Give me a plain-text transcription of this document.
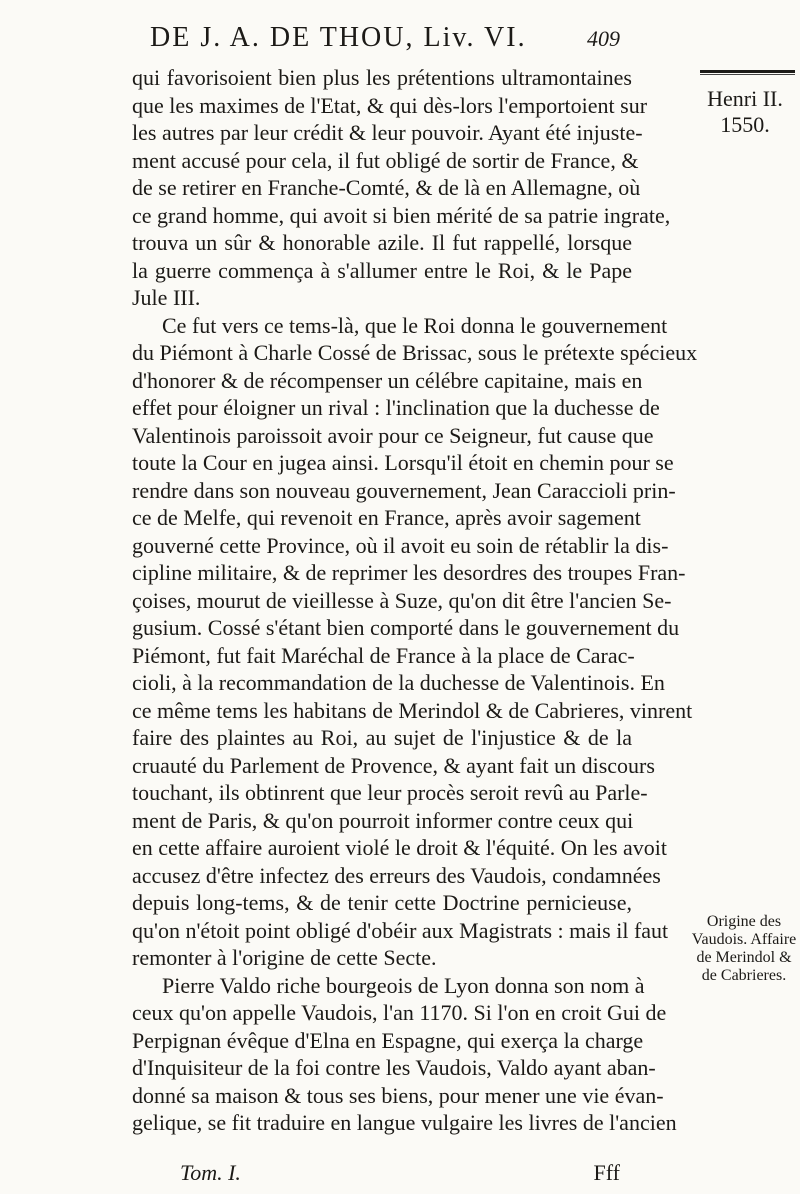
DE J. A. DE THOU, Liv. VI.	409
Henri II.
1550.
qui favorisoient bien plus les prétentions ultramontaines
que les maximes de l'Etat, & qui dès-lors l'emportoient sur
les autres par leur crédit & leur pouvoir. Ayant été injuste-
ment accusé pour cela, il fut obligé de sortir de France, &
de se retirer en Franche-Comté, & de là en Allemagne, où
ce grand homme, qui avoit si bien mérité de sa patrie ingrate,
trouva un sûr & honorable azile. Il fut rappellé, lorsque
la guerre commença à s'allumer entre le Roi, & le Pape
Jule III.
Ce fut vers ce tems-là, que le Roi donna le gouvernement
du Piémont à Charle Cossé de Brissac, sous le prétexte spécieux
d'honorer & de récompenser un célébre capitaine, mais en
effet pour éloigner un rival : l'inclination que la duchesse de
Valentinois paroissoit avoir pour ce Seigneur, fut cause que
toute la Cour en jugea ainsi. Lorsqu'il étoit en chemin pour se
rendre dans son nouveau gouvernement, Jean Caraccioli prin-
ce de Melfe, qui revenoit en France, après avoir sagement
gouverné cette Province, où il avoit eu soin de rétablir la dis-
cipline militaire, & de reprimer les desordres des troupes Fran-
çoises, mourut de vieillesse à Suze, qu'on dit être l'ancien Se-
gusium. Cossé s'étant bien comporté dans le gouvernement du
Piémont, fut fait Maréchal de France à la place de Carac-
cioli, à la recommandation de la duchesse de Valentinois. En
ce même tems les habitans de Merindol & de Cabrieres, vinrent
faire des plaintes au Roi, au sujet de l'injustice & de la
cruauté du Parlement de Provence, & ayant fait un discours
touchant, ils obtinrent que leur procès seroit revû au Parle-
ment de Paris, & qu'on pourroit informer contre ceux qui
en cette affaire auroient violé le droit & l'équité. On les avoit
accusez d'être infectez des erreurs des Vaudois, condamnées
depuis long-tems, & de tenir cette Doctrine pernicieuse,
qu'on n'étoit point obligé d'obéir aux Magistrats : mais il faut
remonter à l'origine de cette Secte.
Pierre Valdo riche bourgeois de Lyon donna son nom à
ceux qu'on appelle Vaudois, l'an 1170. Si l'on en croit Gui de
Perpignan évêque d'Elna en Espagne, qui exerça la charge
d'Inquisiteur de la foi contre les Vaudois, Valdo ayant aban-
donné sa maison & tous ses biens, pour mener une vie évan-
gelique, se fit traduire en langue vulgaire les livres de l'ancien
Origine des Vaudois. Affaire de Merindol & de Cabrieres.
Tom. I.	Fff
